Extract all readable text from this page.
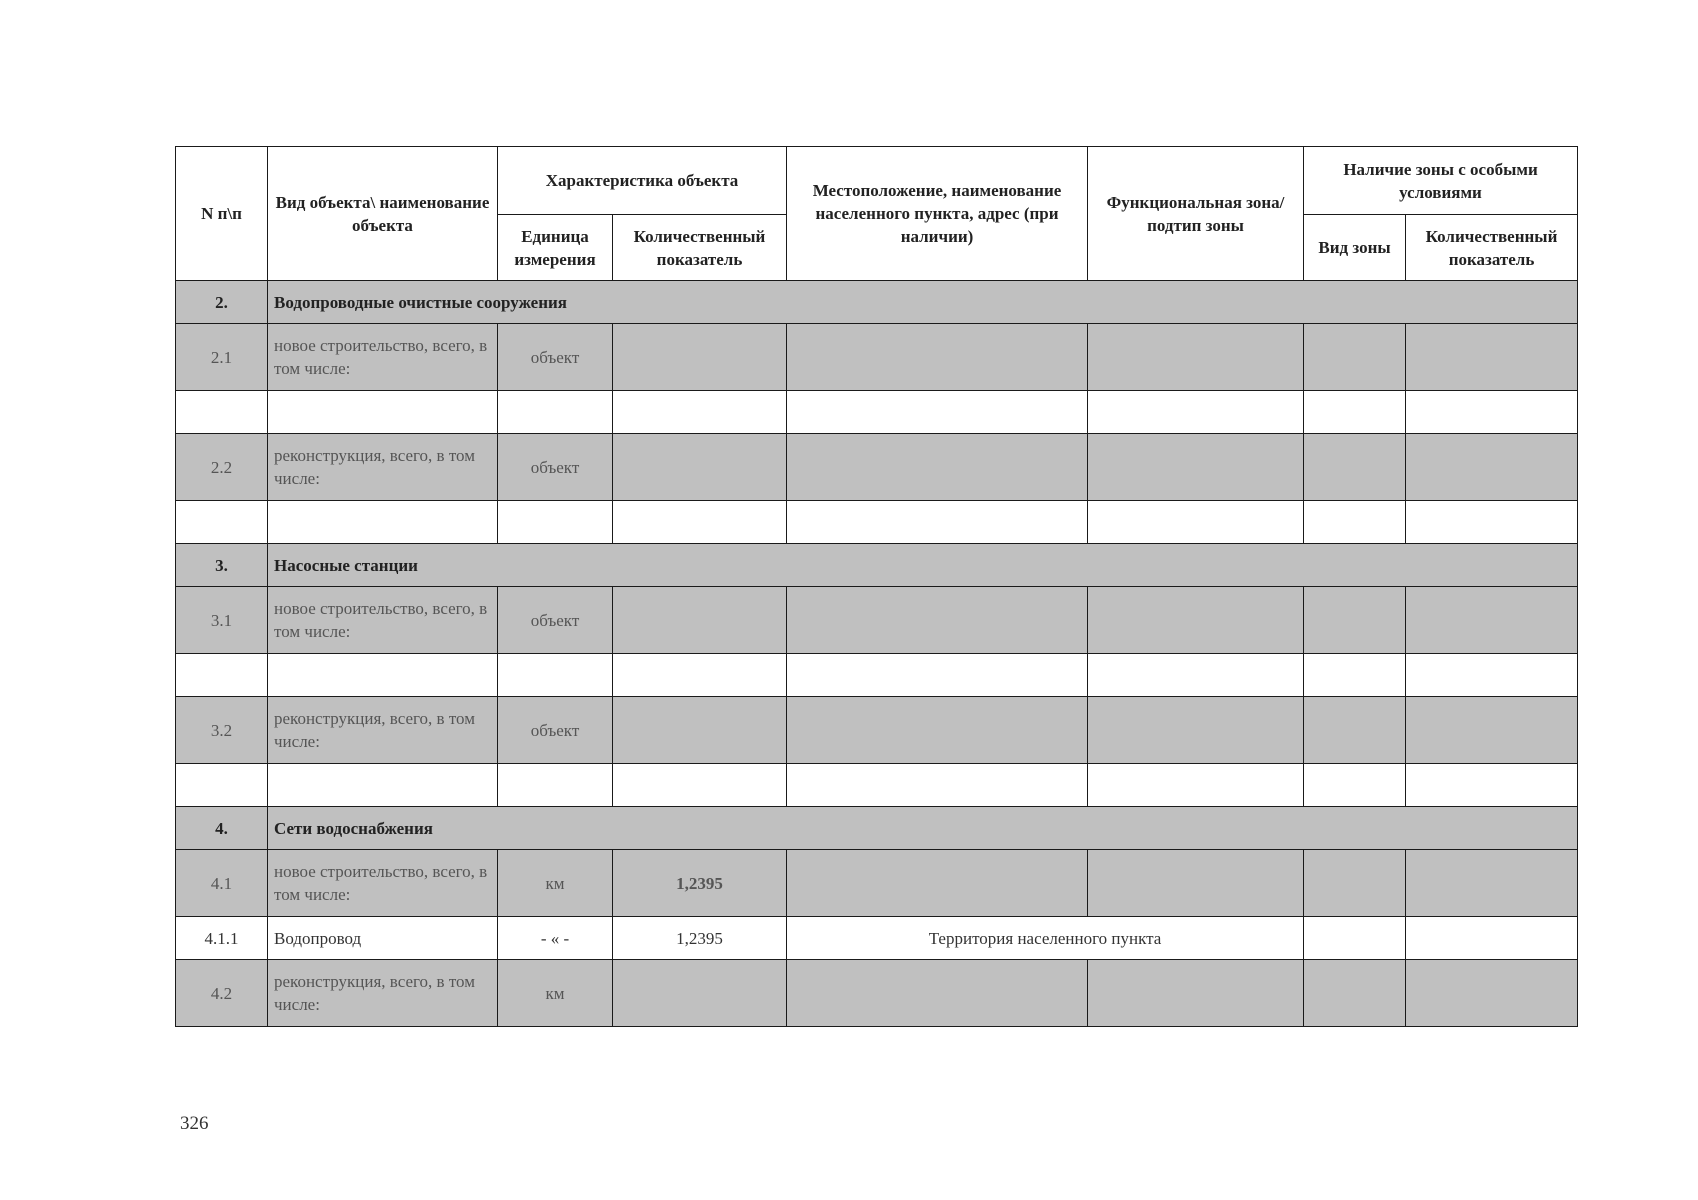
N п\п	Вид объекта\ наименование объекта	Характеристика объекта		Местоположение, наименование населенного пункта, адрес (при наличии)	Функциональная зона/ подтип зоны	Наличие зоны с особыми условиями	
		Единица измерения	Количественный показатель			Вид зоны	Количественный показатель
2.	Водопроводные очистные сооружения						
2.1	новое строительство, всего, в том числе:	объект					

2.2	реконструкция, всего, в том числе:	объект					

3.	Насосные станции						
3.1	новое строительство, всего, в том числе:	объект					

3.2	реконструкция, всего, в том числе:	объект					

4.	Сети водоснабжения						
4.1	новое строительство, всего, в том числе:	км	1,2395				
4.1.1	Водопровод	- « -	1,2395	Территория населенного пункта			
4.2	реконструкция, всего, в том числе:	км					
326
